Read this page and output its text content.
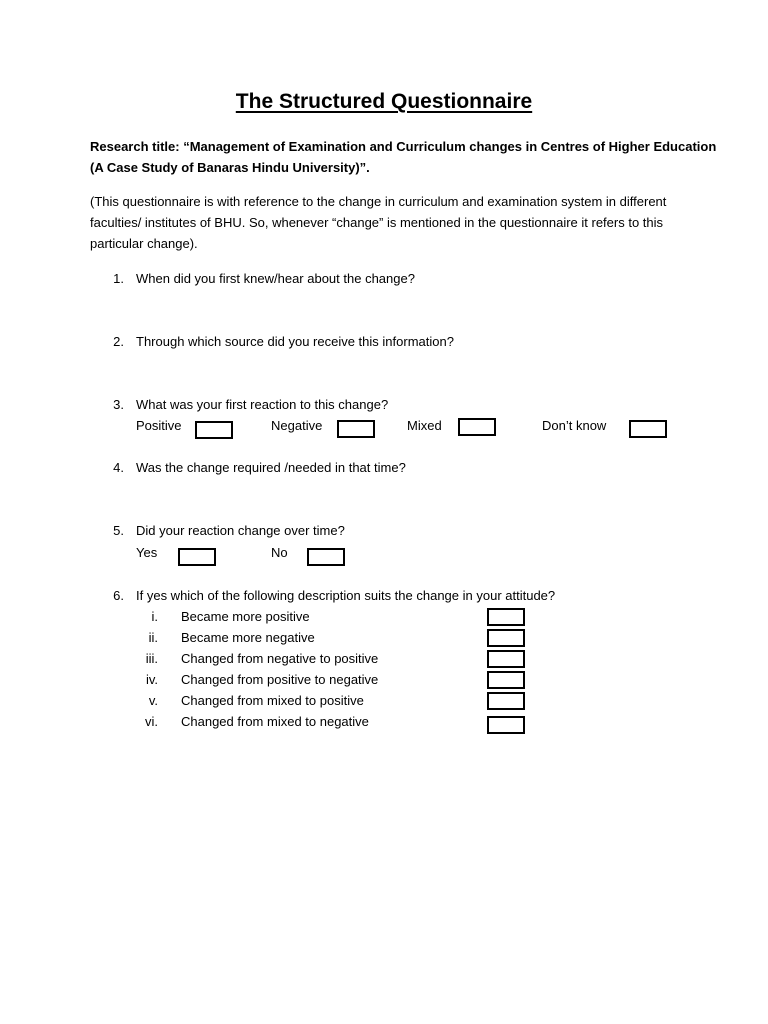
The Structured Questionnaire
Research title: “Management of Examination and Curriculum changes in Centres of Higher Education
(A Case Study of Banaras Hindu University)”.
(This questionnaire is with reference to the change in curriculum and examination system in different
faculties/ institutes of BHU. So, whenever “change” is mentioned in the questionnaire it refers to this
particular change).
1. When did you first knew/hear about the change?
2. Through which source did you receive this information?
3. What was your first reaction to this change?
Positive	Negative	Mixed	Don’t know
4. Was the change required /needed in that time?
5. Did your reaction change over time?
Yes	No
6. If yes which of the following description suits the change in your attitude?
i. Became more positive
ii. Became more negative
iii. Changed from negative to positive
iv. Changed from positive to negative
v. Changed from mixed to positive
vi. Changed from mixed to negative
